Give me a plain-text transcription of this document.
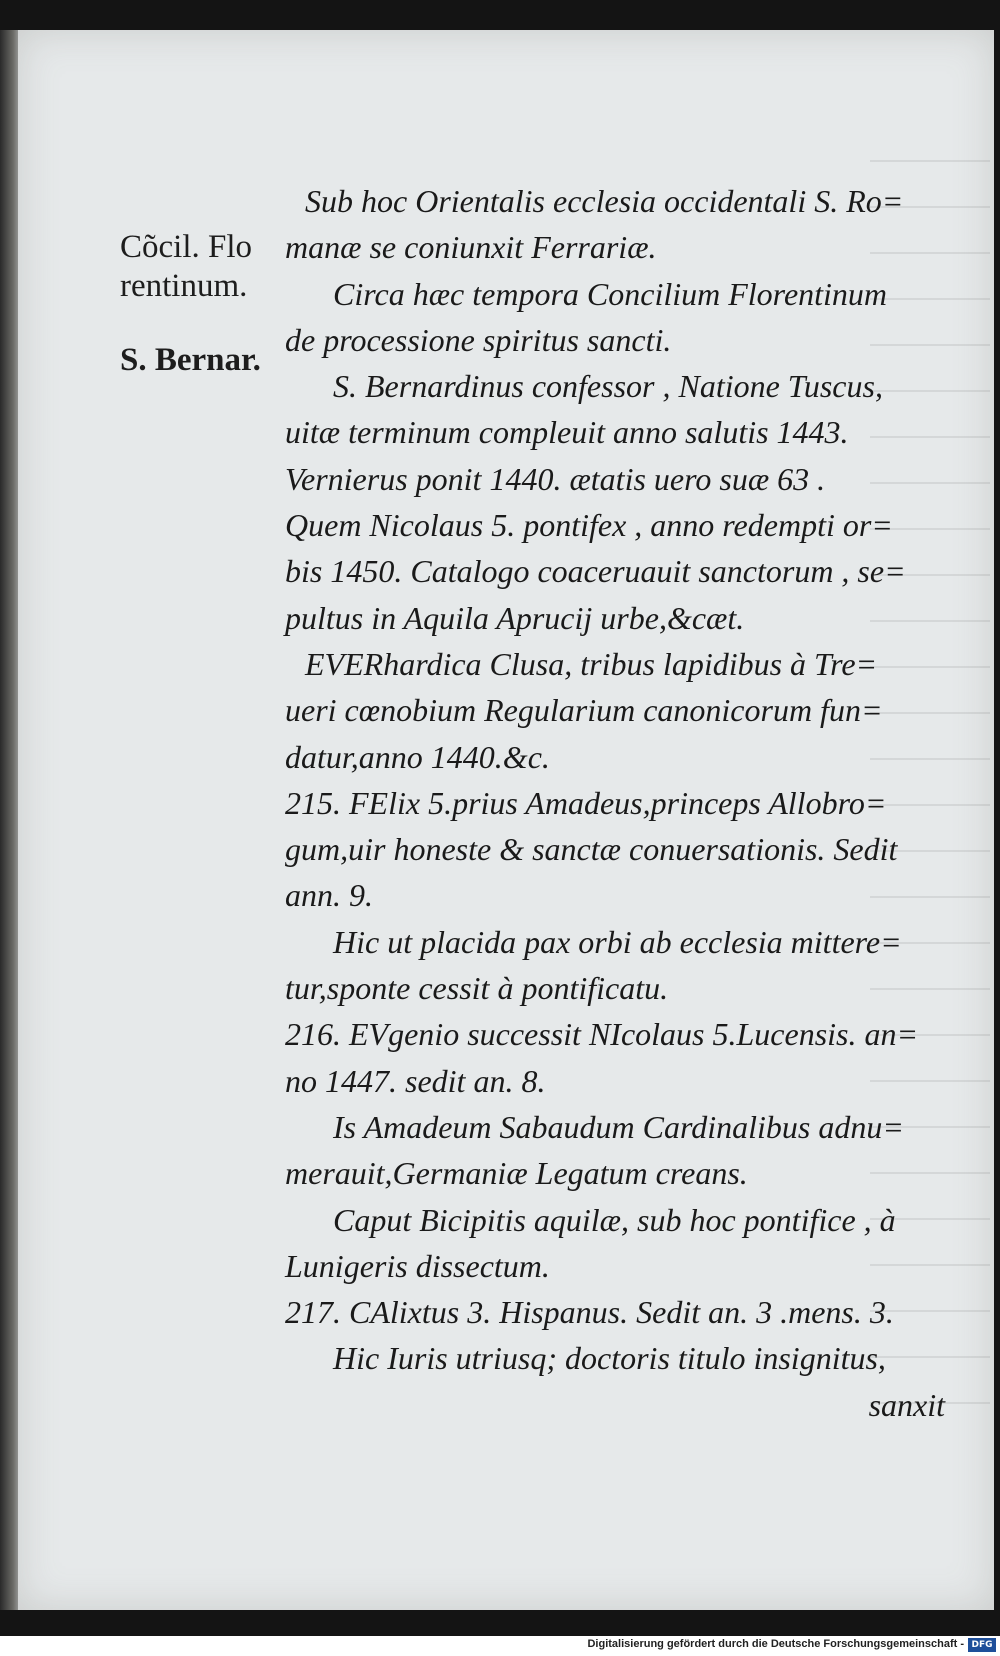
Cõcil. Flo
rentinum.
S. Bernar.
Sub hoc Orientalis ecclesia occidentali S. Ro=
manæ se coniunxit Ferrariæ.
Circa hæc tempora Concilium Florentinum
de processione spiritus sancti.
S. Bernardinus confessor , Natione Tuscus,
uitæ terminum compleuit anno salutis 1443.
Vernierus ponit 1440. ætatis uero suæ 63 .
Quem Nicolaus 5. pontifex , anno redempti or=
bis 1450. Catalogo coaceruauit sanctorum , se=
pultus in Aquila Aprucij urbe,&cæt.
EVERhardica Clusa, tribus lapidibus à Tre=
ueri cœnobium Regularium canonicorum fun=
datur,anno 1440.&c.
215. FElix 5.prius Amadeus,princeps Allobro=
gum,uir honeste & sanctæ conuersationis. Sedit
ann. 9.
Hic ut placida pax orbi ab ecclesia mittere=
tur,sponte cessit à pontificatu.
216. EVgenio successit NIcolaus 5.Lucensis. an=
no 1447. sedit an. 8.
Is Amadeum Sabaudum Cardinalibus adnu=
merauit,Germaniæ Legatum creans.
Caput Bicipitis aquilæ, sub hoc pontifice , à
Lunigeris dissectum.
217. CAlixtus 3. Hispanus. Sedit an. 3 .mens. 3.
Hic Iuris utriusq; doctoris titulo insignitus,
sanxit
Digitalisierung gefördert durch die Deutsche Forschungsgemeinschaft - DFG
